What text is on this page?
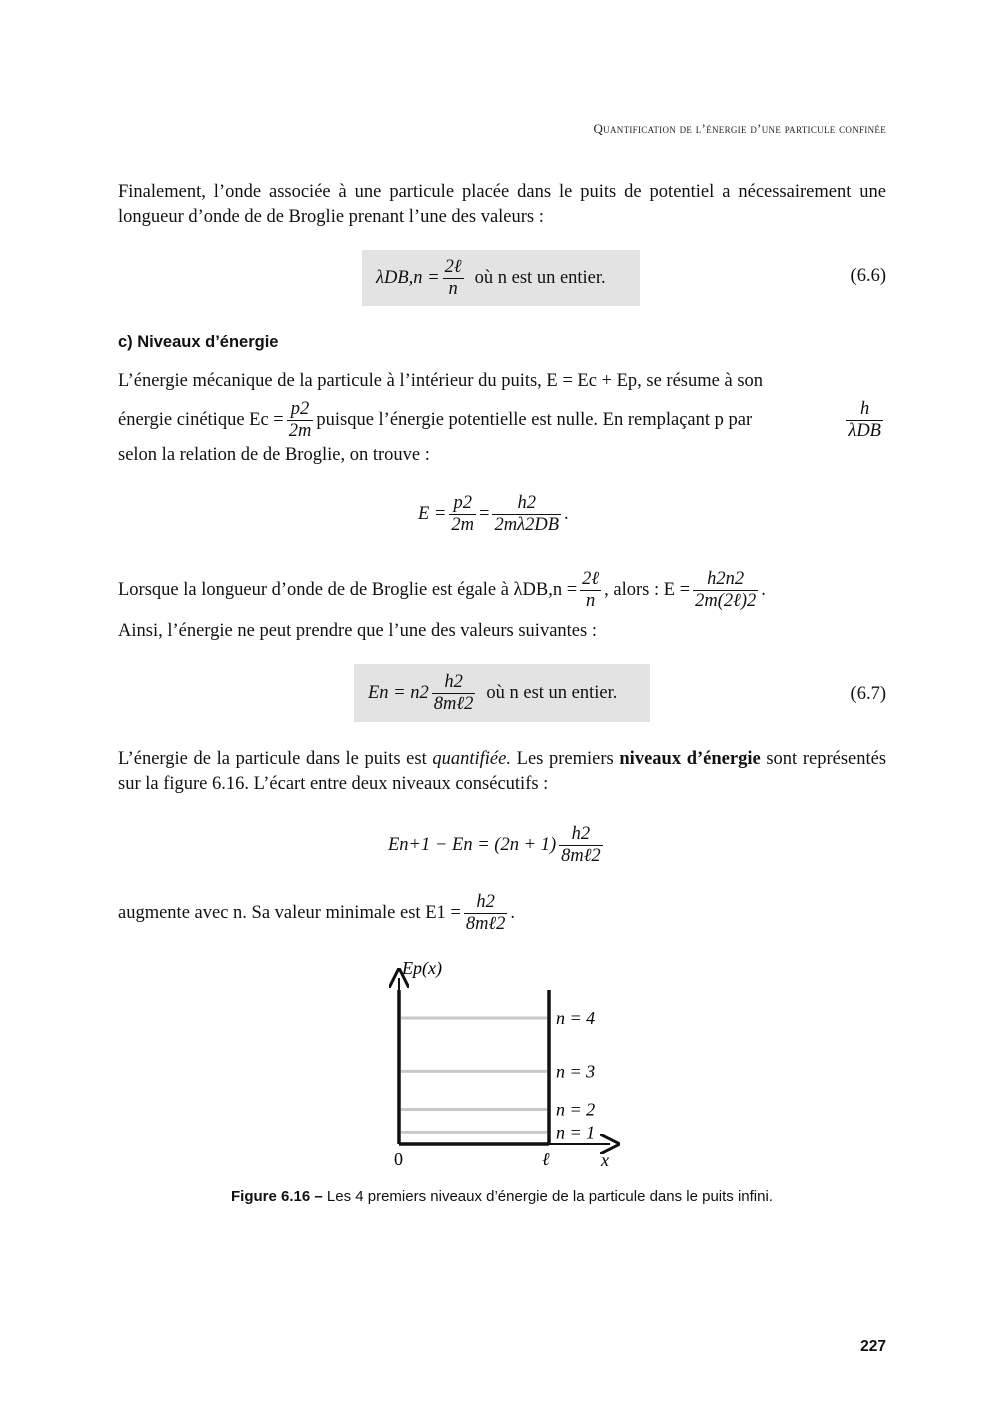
Quantification de l’énergie d’une particule confinée

Finalement, l’onde associée à une particule placée dans le puits de potentiel a nécessairement une longueur d’onde de de Broglie prenant l’une des valeurs :

$\lambda DB,n = \frac{\text{2ℓ}}{n}$ où n est un entier.	(6.6)
c) Niveaux d’énergie

L’énergie mécanique de la particule à l’intérieur du puits, E = Ec + Ep, se résume à son

énergie cinétique $Ec = \frac{p2}{2m}$ puisque l’énergie potentielle est nulle. En remplaçant p par	$\frac{h}{\text{λDB}}$

selon la relation de de Broglie, on trouve :

$E = \frac{p2}{2m} = \frac{h2}{2m\lambda 2DB}$ .
Lorsque la longueur d’onde de de Broglie est égale à $\lambda DB,n = \frac{\text{2ℓ}}{n}$ , alors : $E = \frac{h2n2}{\text{2m(2ℓ)2}}$ .

Ainsi, l’énergie ne peut prendre que l’une des valeurs suivantes :

$En = n2 \frac{h2}{\text{8mℓ2}}$ où n est un entier.	(6.7)

L’énergie de la particule dans le puits est quantifiée. Les premiers niveaux d’énergie sont représentés sur la figure 6.16. L’écart entre deux niveaux consécutifs :

$En+1 - En = (2n + 1) \frac{h2}{\text{8mℓ2}}$
augmente avec n. Sa valeur minimale est $E1 = \frac{h2}{\text{8mℓ2}}$ .
Ep(x)
n = 1
n = 2
n = 3
n = 4
0	ℓ	x
Figure 6.16 – Les 4 premiers niveaux d’énergie de la particule dans le puits infini.
227
